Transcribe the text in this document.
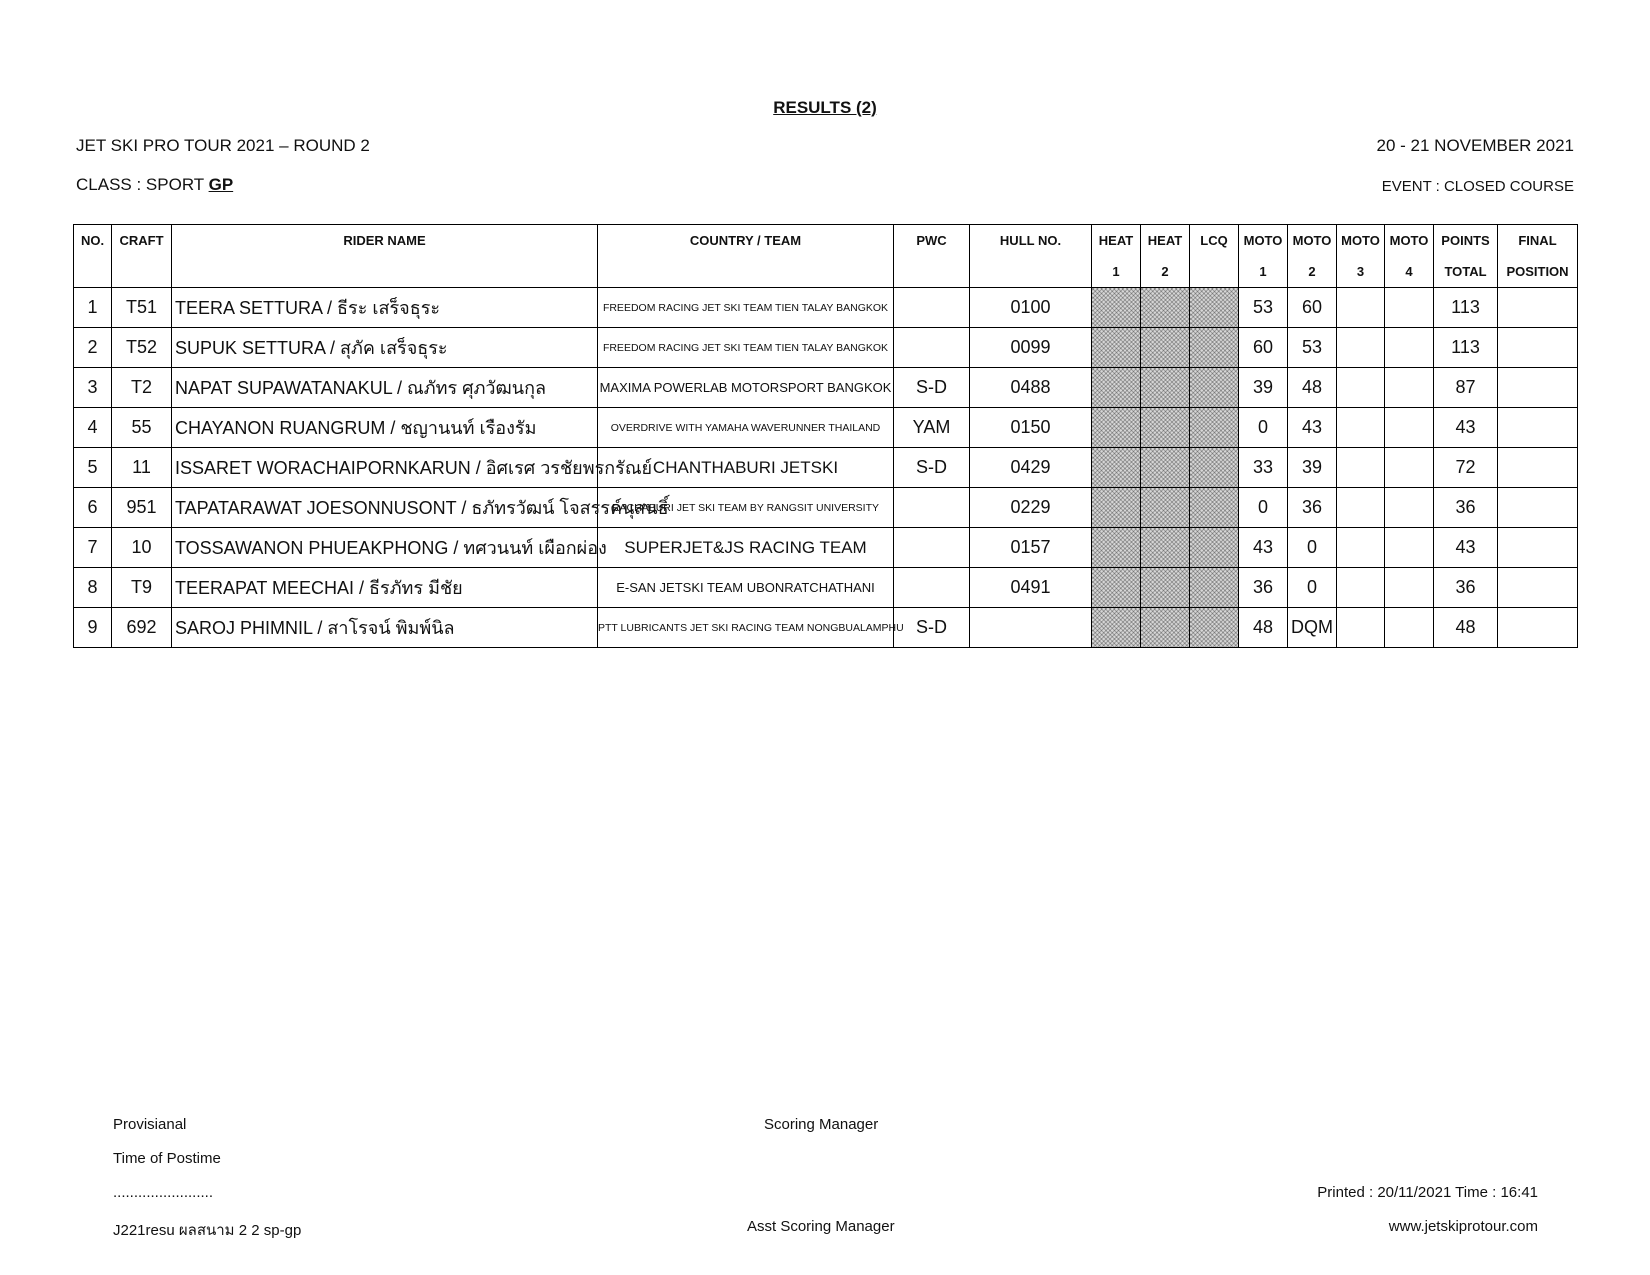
RESULTS (2)
JET SKI PRO TOUR 2021 – ROUND 2	20 - 21 NOVEMBER 2021
CLASS : SPORT GP	EVENT : CLOSED COURSE
NO.	CRAFT	RIDER NAME	COUNTRY / TEAM	PWC	HULL NO.	HEAT	HEAT	LCQ	MOTO	MOTO	MOTO	MOTO	POINTS	FINAL
						1	2		1	2	3	4	TOTAL	POSITION
1	T51	TEERA SETTURA / ธีระ เสร็จธุระ	FREEDOM RACING JET SKI TEAM TIEN TALAY BANGKOK		0100				53	60			113	
2	T52	SUPUK SETTURA / สุภัค เสร็จธุระ	FREEDOM RACING JET SKI TEAM TIEN TALAY BANGKOK		0099				60	53			113	
3	T2	NAPAT SUPAWATANAKUL / ณภัทร ศุภวัฒนกุล	MAXIMA POWERLAB MOTORSPORT BANGKOK	S-D	0488				39	48			87	
4	55	CHAYANON RUANGRUM / ชญานนท์ เรืองรัม	OVERDRIVE WITH YAMAHA WAVERUNNER THAILAND	YAM	0150				0	43			43	
5	11	ISSARET WORACHAIPORNKARUN / อิศเรศ วรชัยพรกรัณย์	CHANTHABURI JETSKI	S-D	0429				33	39			72	
6	951	TAPATARAWAT JOESONNUSONT / ธภัทรวัฒน์ โจสรรค์นุสนธิ์	RACHABURI JET SKI TEAM BY RANGSIT UNIVERSITY		0229				0	36			36	
7	10	TOSSAWANON PHUEAKPHONG / ทศวนนท์ เผือกผ่อง	SUPERJET&JS RACING TEAM		0157				43	0			43	
8	T9	TEERAPAT MEECHAI / ธีรภัทร มีชัย	E-SAN JETSKI TEAM UBONRATCHATHANI		0491				36	0			36	
9	692	SAROJ PHIMNIL / สาโรจน์ พิมพ์นิล	PTT LUBRICANTS JET SKI RACING TEAM NONGBUALAMPHU	S-D					48	DQM			48	
Provisianal
Time of Postime
........................
J221resu ผลสนาม 2 2 sp-gp
Scoring Manager
Asst Scoring Manager
Printed : 20/11/2021 Time : 16:41
www.jetskiprotour.com
